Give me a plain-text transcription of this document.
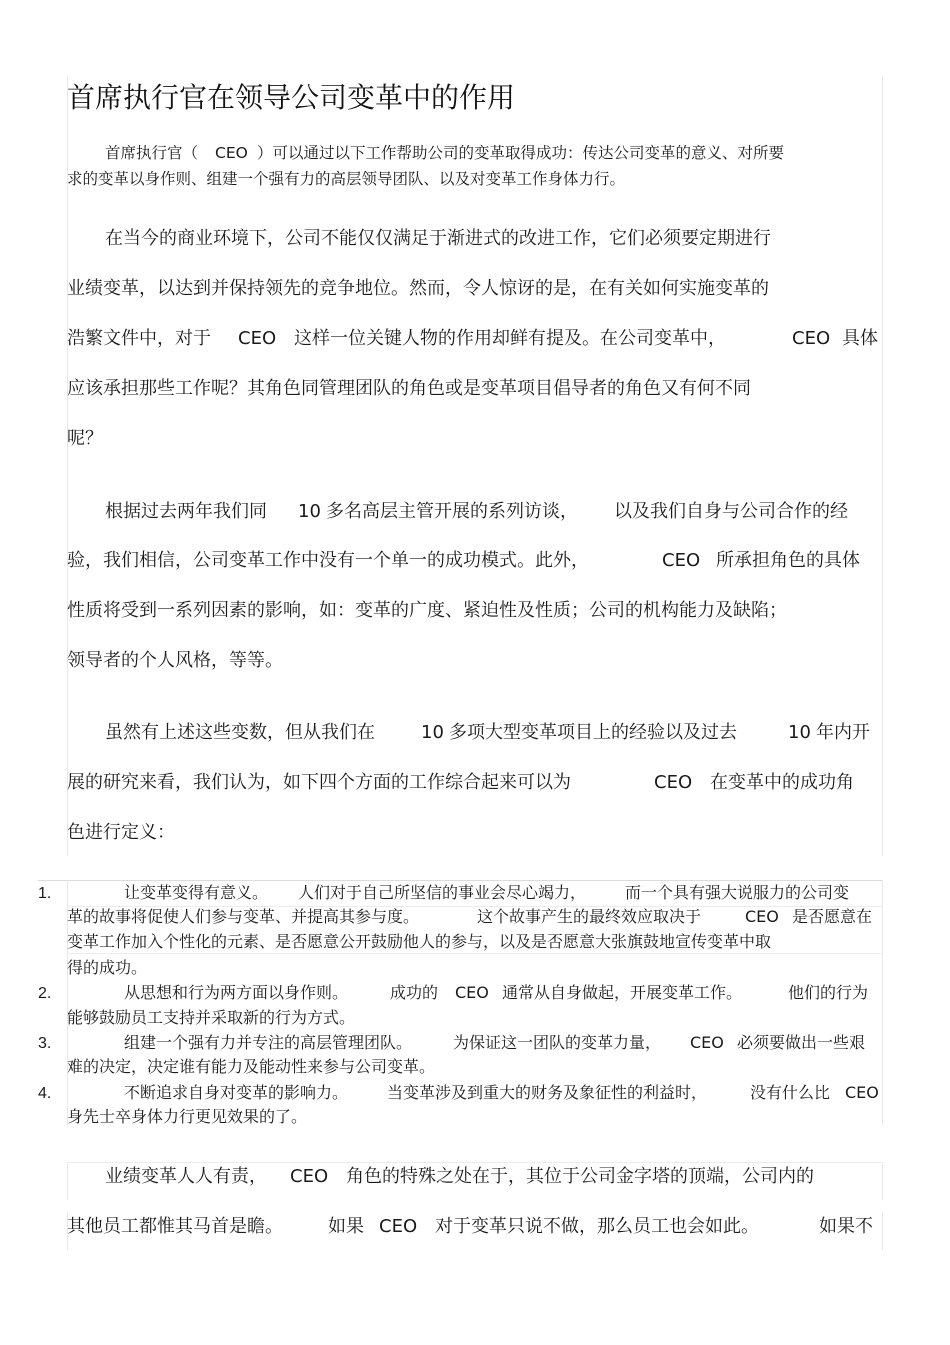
首席执行官在领导公司变革中的作用
首席执行官（ CEO ）可以通过以下工作帮助公司的变革取得成功：传达公司变革的意义、对所要
求的变革以身作则、组建一个强有力的高层领导团队、以及对变革工作身体力行。
在当今的商业环境下，公司不能仅仅满足于渐进式的改进工作，它们必须要定期进行
业绩变革，以达到并保持领先的竞争地位。然而，令人惊讶的是，在有关如何实施变革的
浩繁文件中，对于 CEO 这样一位关键人物的作用却鲜有提及。在公司变革中，	CEO 具体
应该承担那些工作呢？其角色同管理团队的角色或是变革项目倡导者的角色又有何不同
呢？
根据过去两年我们同 10 多名高层主管开展的系列访谈， 以及我们自身与公司合作的经
验，我们相信，公司变革工作中没有一个单一的成功模式。此外，	CEO 所承担角色的具体
性质将受到一系列因素的影响，如：变革的广度、紧迫性及性质；公司的机构能力及缺陷；
领导者的个人风格，等等。
虽然有上述这些变数，但从我们在	10 多项大型变革项目上的经验以及过去	10 年内开
展的研究来看，我们认为，如下四个方面的工作综合起来可以为	CEO 在变革中的成功角
色进行定义：
1.	让变革变得有意义。 人们对于自己所坚信的事业会尽心竭力， 而一个具有强大说服力的公司变
革的故事将促使人们参与变革、并提高其参与度。	这个故事产生的最终效应取决于	CEO 是否愿意在
变革工作加入个性化的元素、是否愿意公开鼓励他人的参与，以及是否愿意大张旗鼓地宣传变革中取
得的成功。
2.	从思想和行为两方面以身作则。	成功的 CEO 通常从自身做起，开展变革工作。	他们的行为
能够鼓励员工支持并采取新的行为方式。
3.	组建一个强有力并专注的高层管理团队。	为保证这一团队的变革力量， CEO 必须要做出一些艰
难的决定，决定谁有能力及能动性来参与公司变革。
4.	不断追求自身对变革的影响力。 当变革涉及到重大的财务及象征性的利益时，	没有什么比 CEO
身先士卒身体力行更见效果的了。
业绩变革人人有责， CEO 角色的特殊之处在于，其位于公司金字塔的顶端，公司内的
其他员工都惟其马首是瞻。	如果 CEO 对于变革只说不做，那么员工也会如此。	如果不
